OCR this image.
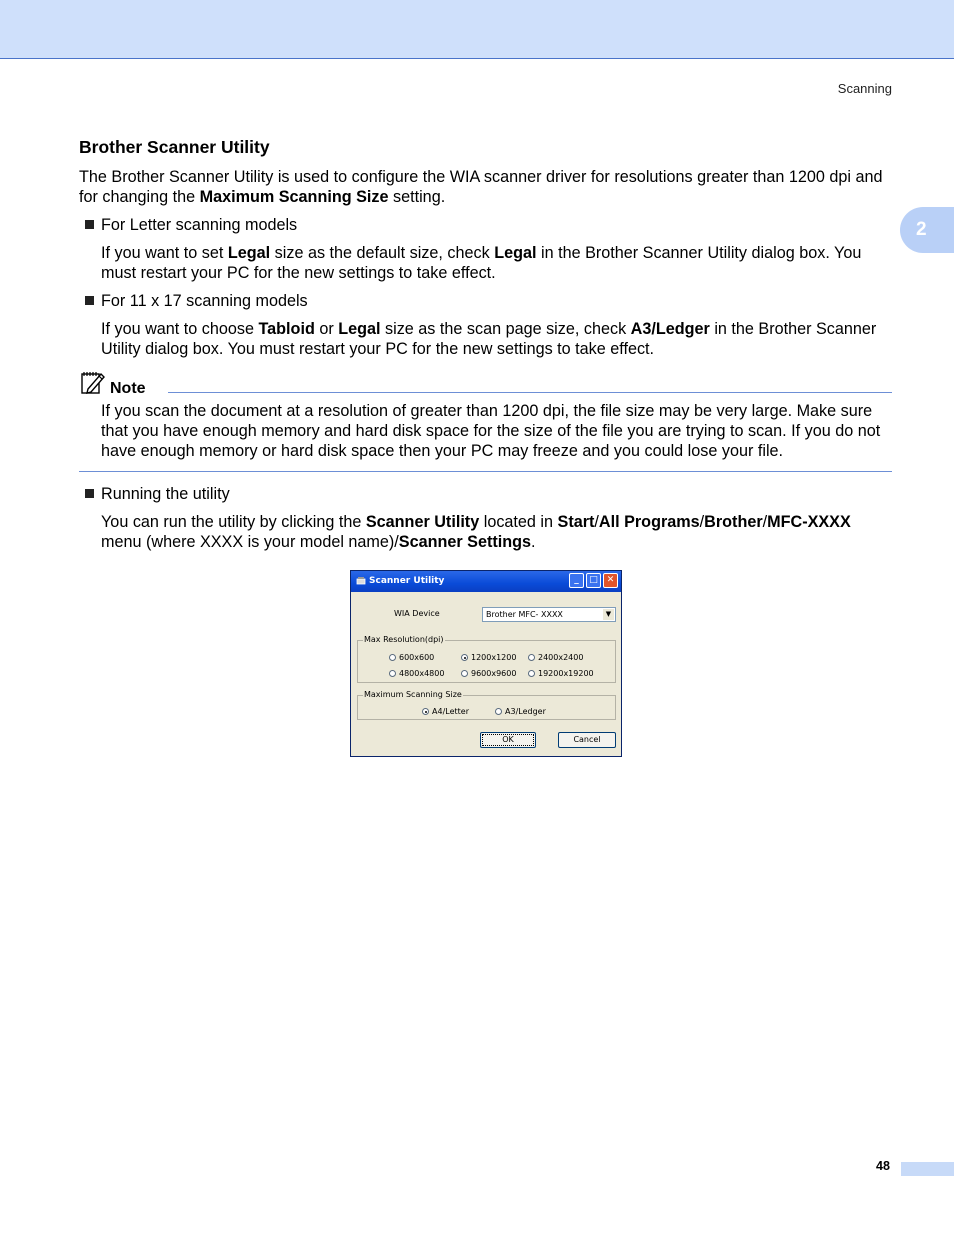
Scanning
2
Brother Scanner Utility

The Brother Scanner Utility is used to configure the WIA scanner driver for resolutions greater than 1200 dpi and for changing the Maximum Scanning Size setting.

For Letter scanning models

If you want to set Legal size as the default size, check Legal in the Brother Scanner Utility dialog box. You must restart your PC for the new settings to take effect.

For 11 x 17 scanning models

If you want to choose Tabloid or Legal size as the scan page size, check A3/Ledger in the Brother Scanner Utility dialog box. You must restart your PC for the new settings to take effect.

Note

If you scan the document at a resolution of greater than 1200 dpi, the file size may be very large. Make sure that you have enough memory and hard disk space for the size of the file you are trying to scan. If you do not have enough memory or hard disk space then your PC may freeze and you could lose your file.

Running the utility

You can run the utility by clicking the Scanner Utility located in Start/All Programs/Brother/MFC-XXXX menu (where XXXX is your model name)/Scanner Settings.

Scanner Utility	_	□ ✕
WIA Device	Brother MFC- XXXX	▼
Max Resolution(dpi)
600x600	1200x1200	2400x2400
4800x4800	9600x9600	19200x19200
Maximum Scanning Size
A4/Letter	A3/Ledger
OK	Cancel
48
